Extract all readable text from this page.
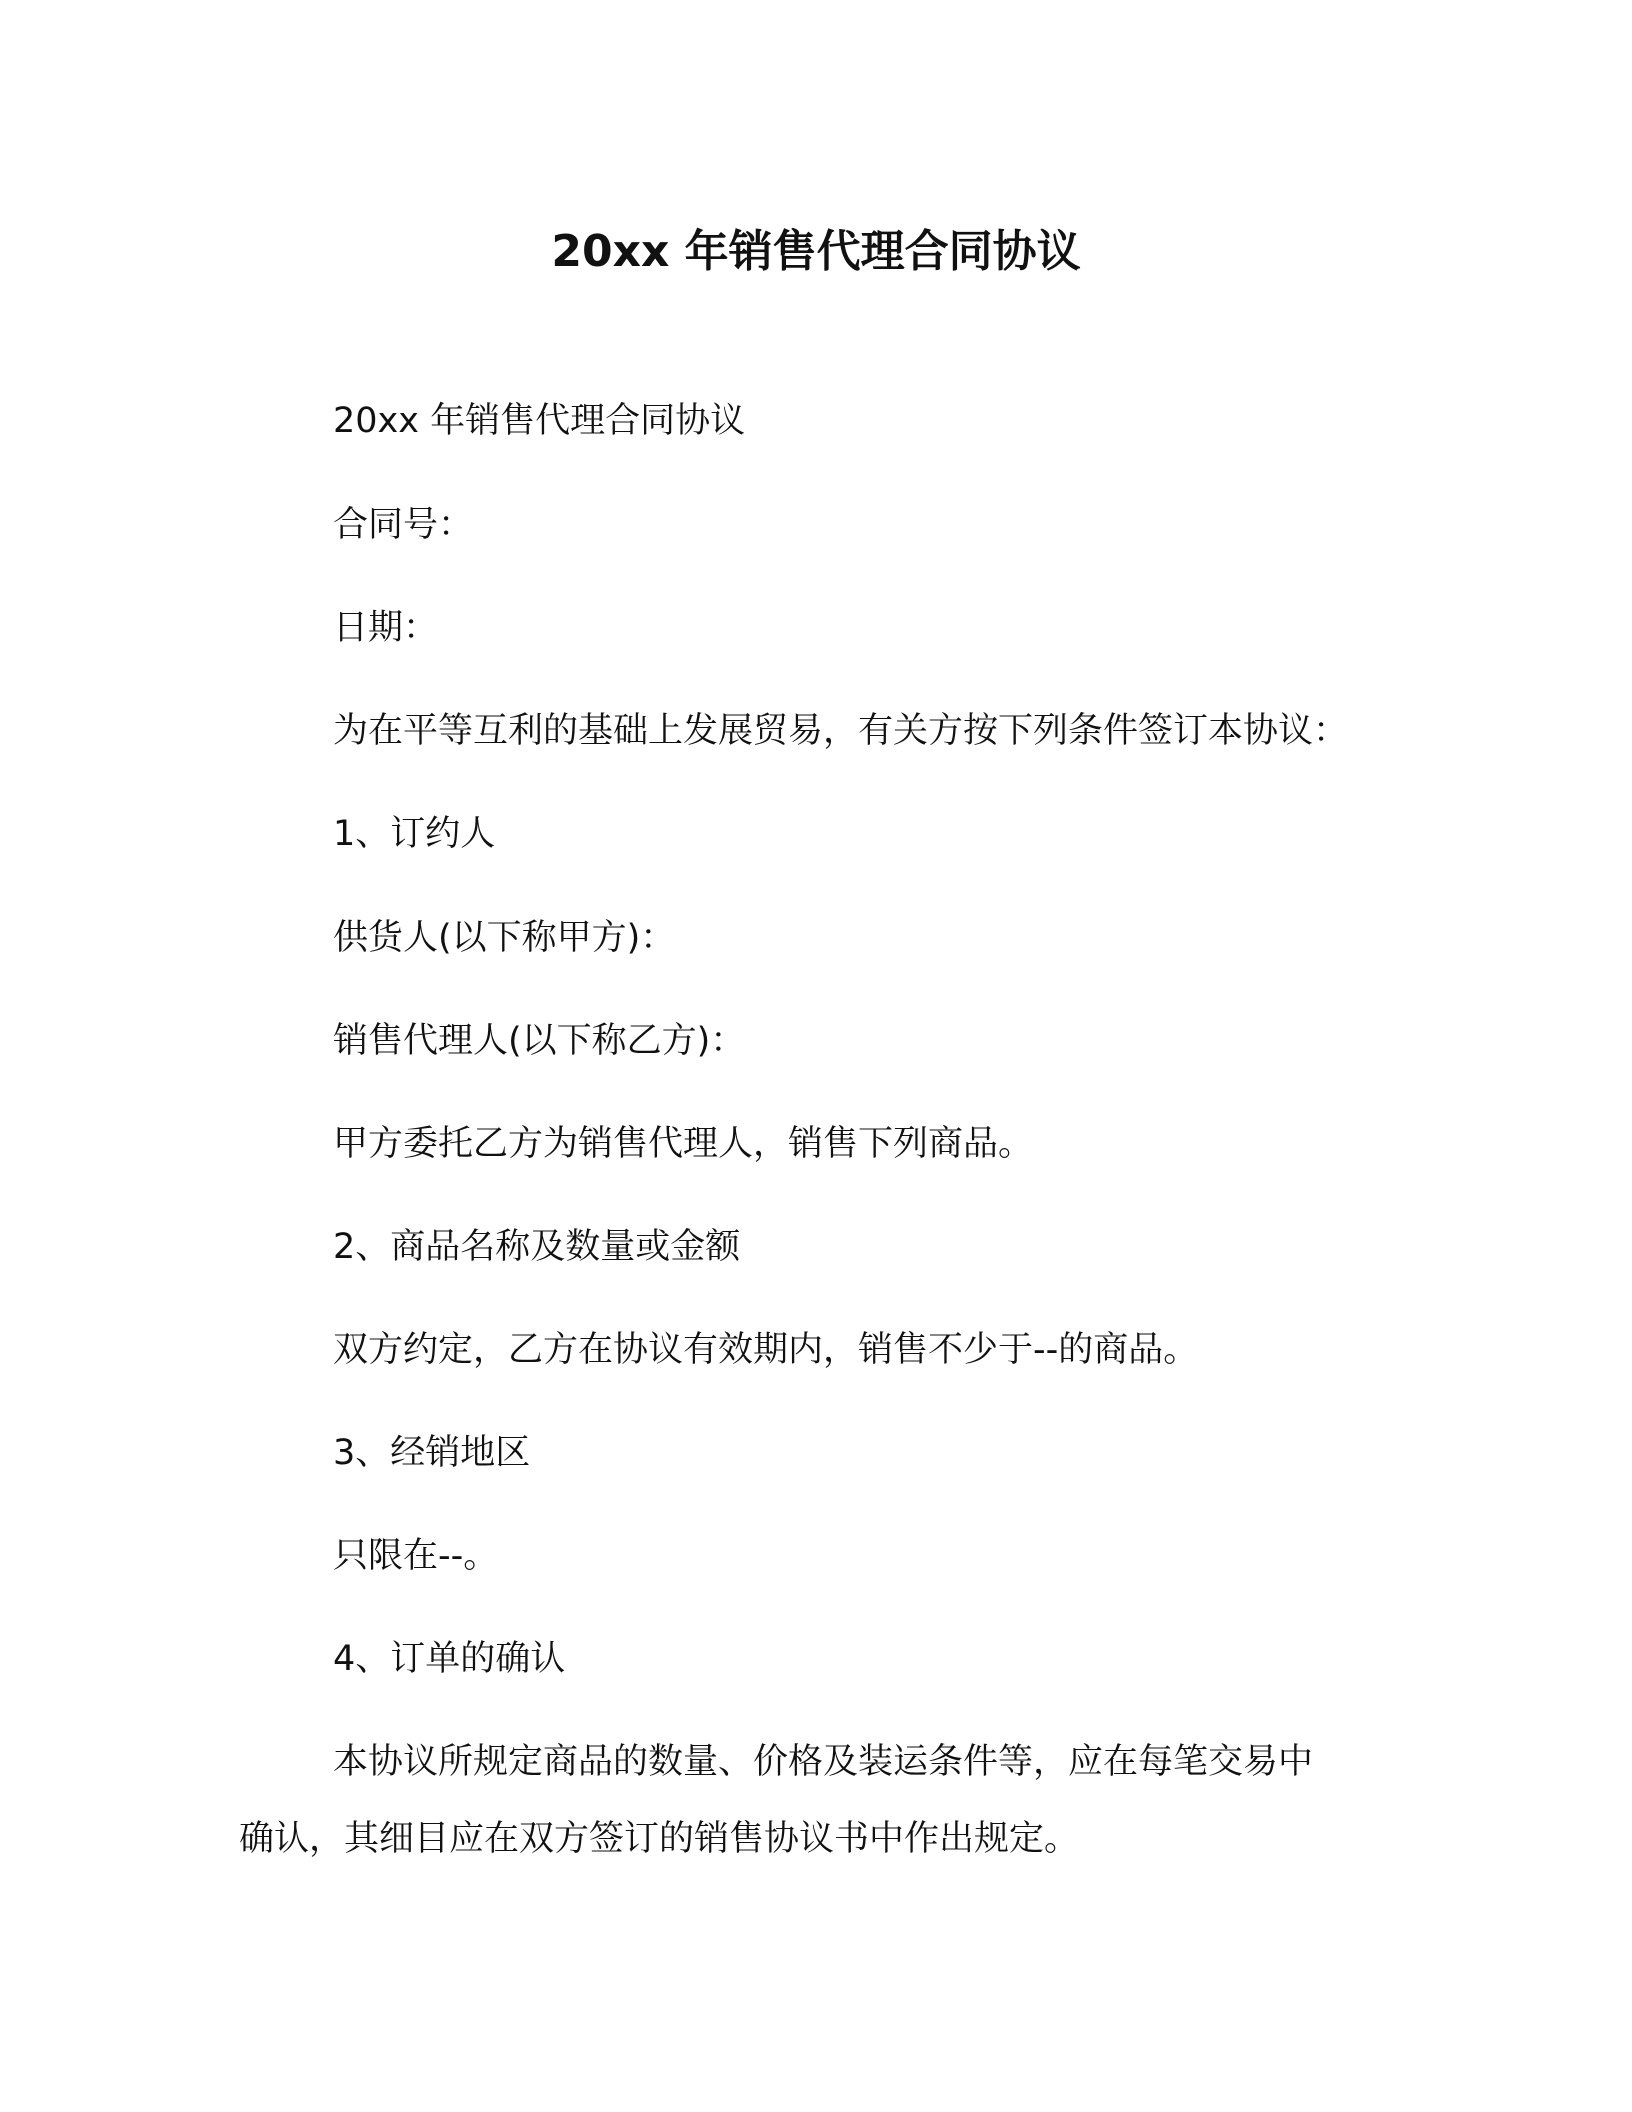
20xx 年销售代理合同协议
20xx 年销售代理合同协议
合同号：
日期：
为在平等互利的基础上发展贸易，有关方按下列条件签订本协议：
1、订约人
供货人(以下称甲方)：
销售代理人(以下称乙方)：
甲方委托乙方为销售代理人，销售下列商品。
2、商品名称及数量或金额
双方约定，乙方在协议有效期内，销售不少于--的商品。
3、经销地区
只限在--。
4、订单的确认
本协议所规定商品的数量、价格及装运条件等，应在每笔交易中
确认，其细目应在双方签订的销售协议书中作出规定。
